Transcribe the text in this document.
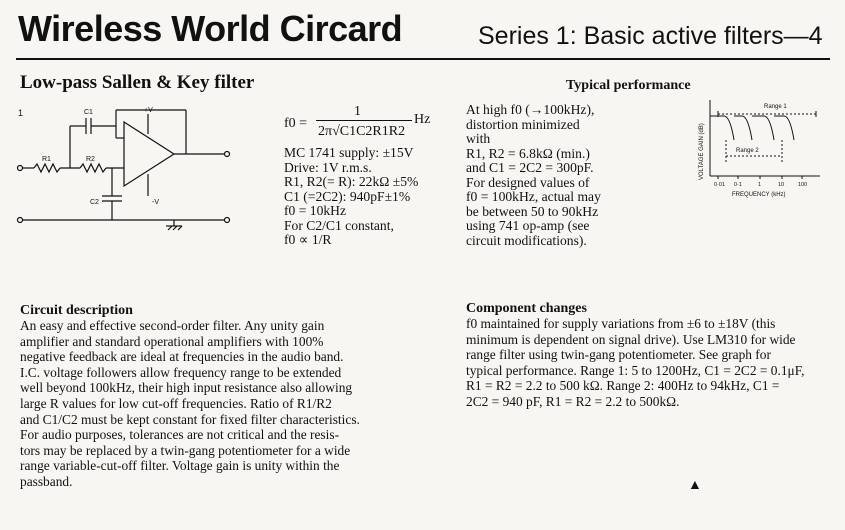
Wireless World Circard	Series 1: Basic active filters—4
Low-pass Sallen & Key filter	Typical performance
1	C1	+V
R1	R2
C2	-V
f0 =
1
2π√C1C2R1R2
Hz
MC 1741 supply: ±15V
Drive: 1V r.m.s.
R1, R2(= R): 22kΩ ±5%
C1 (=2C2): 940pF±1%
f0 = 10kHz
For C2/C1 constant,
f0 ∝ 1/R
At high f0 (→100kHz),
distortion minimized
with
R1, R2 = 6.8kΩ (min.)
and C1 = 2C2 = 300pF.
For designed values of
f0 = 100kHz, actual may
be between 50 to 90kHz
using 741 op-amp (see
circuit modifications).
VOLTAGE GAIN (dB)
Range 1
Range 2
0·01 0·1	1	10	100
FREQUENCY (kHz)
Circuit description
An easy and effective second-order filter. Any unity gain
amplifier and standard operational amplifiers with 100%
negative feedback are ideal at frequencies in the audio band.
I.C. voltage followers allow frequency range to be extended
well beyond 100kHz, their high input resistance also allowing
large R values for low cut-off frequencies. Ratio of R1/R2
and C1/C2 must be kept constant for fixed filter characteristics.
For audio purposes, tolerances are not critical and the resis-
tors may be replaced by a twin-gang potentiometer for a wide
range variable-cut-off filter. Voltage gain is unity within the
passband.
Component changes
f0 maintained for supply variations from ±6 to ±18V (this
minimum is dependent on signal drive). Use LM310 for wide
range filter using twin-gang potentiometer. See graph for
typical performance. Range 1: 5 to 1200Hz, C1 = 2C2 = 0.1μF,
R1 = R2 = 2.2 to 500 kΩ. Range 2: 400Hz to 94kHz, C1 =
2C2 = 940 pF, R1 = R2 = 2.2 to 500kΩ.
▲
